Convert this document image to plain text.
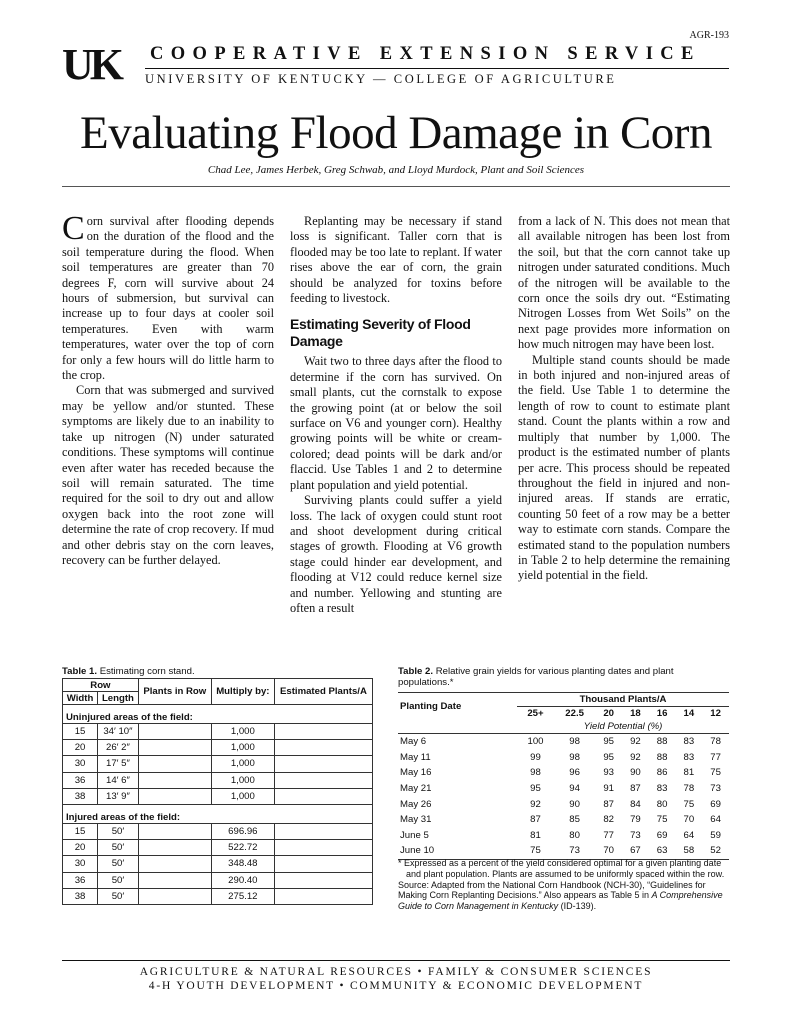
AGR-193
UK COOPERATIVE EXTENSION SERVICE
UNIVERSITY OF KENTUCKY — COLLEGE OF AGRICULTURE
Evaluating Flood Damage in Corn
Chad Lee, James Herbek, Greg Schwab, and Lloyd Murdock, Plant and Soil Sciences

Corn survival after flooding depends on the duration of the flood and the soil temperature during the flood. When soil temperatures are greater than 70 degrees F, corn will survive about 24 hours of submersion, but survival can increase up to four days at cooler soil temperatures. Even with warm temperatures, water over the top of corn for only a few hours will do little harm to the crop.

Corn that was submerged and survived may be yellow and/or stunted. These symptoms are likely due to an inability to take up nitrogen (N) under saturated conditions. These symptoms will continue even after water has receded because the soil will remain saturated. The time required for the soil to dry out and allow oxygen back into the root zone will determine the rate of crop recovery. If mud and other debris stay on the corn leaves, recovery can be further delayed.

Replanting may be necessary if stand loss is significant. Taller corn that is flooded may be too late to replant. If water rises above the ear of corn, the grain should be analyzed for toxins before feeding to livestock.

Estimating Severity of Flood Damage

Wait two to three days after the flood to determine if the corn has survived. On small plants, cut the cornstalk to expose the growing point (at or below the soil surface on V6 and younger corn). Healthy growing points will be white or cream-colored; dead points will be dark and/or flaccid. Use Tables 1 and 2 to determine plant population and yield potential.

Surviving plants could suffer a yield loss. The lack of oxygen could stunt root and shoot development during critical stages of growth. Flooding at V6 growth stage could hinder ear development, and flooding at V12 could reduce kernel size and number. Yellowing and stunting are often a result

from a lack of N. This does not mean that all available nitrogen has been lost from the soil, but that the corn cannot take up nitrogen under saturated conditions. Much of the nitrogen will be available to the corn once the soils dry out. “Estimating Nitrogen Losses from Wet Soils” on the next page provides more information on how much nitrogen may have been lost.

Multiple stand counts should be made in both injured and non-injured areas of the field. Use Table 1 to determine the length of row to count to estimate plant stand. Count the plants within a row and multiply that number by 1,000. The product is the estimated number of plants per acre. This process should be repeated throughout the field in injured and non-injured areas. If stands are erratic, counting 50 feet of a row may be a better way to estimate corn stands. Compare the estimated stand to the population numbers in Table 2 to help determine the remaining yield potential in the field.

Table 1. Estimating corn stand.
Row		Plants in Row	Multiply by:	Estimated Plants/A
Width	Length			
Uninjured areas of the field:				
15	34′ 10″		1,000	
20	26′ 2″		1,000	
30	17′ 5″		1,000	
36	14′ 6″		1,000	
38	13′ 9″		1,000	
Injured areas of the field:				
15	50′		696.96	
20	50′		522.72	
30	50′		348.48	
36	50′		290.40	
38	50′		275.12	
Table 2. Relative grain yields for various planting dates and plant populations.*
Planting Date	Thousand Plants/A						
	25+	22.5	20	18	16	14	12
	Yield Potential (%)						
May 6	100	98	95	92	88	83	78
May 11	99	98	95	92	88	83	77
May 16	98	96	93	90	86	81	75
May 21	95	94	91	87	83	78	73
May 26	92	90	87	84	80	75	69
May 31	87	85	82	79	75	70	64
June 5	81	80	77	73	69	64	59
June 10	75	73	70	67	63	58	52
* Expressed as a percent of the yield considered optimal for a given planting date and plant population. Plants are assumed to be uniformly spaced within the row.
Source: Adapted from the National Corn Handbook (NCH-30), “Guidelines for Making Corn Replanting Decisions.” Also appears as Table 5 in A Comprehensive Guide to Corn Management in Kentucky (ID-139).
AGRICULTURE & NATURAL RESOURCES • FAMILY & CONSUMER SCIENCES
4-H YOUTH DEVELOPMENT • COMMUNITY & ECONOMIC DEVELOPMENT
